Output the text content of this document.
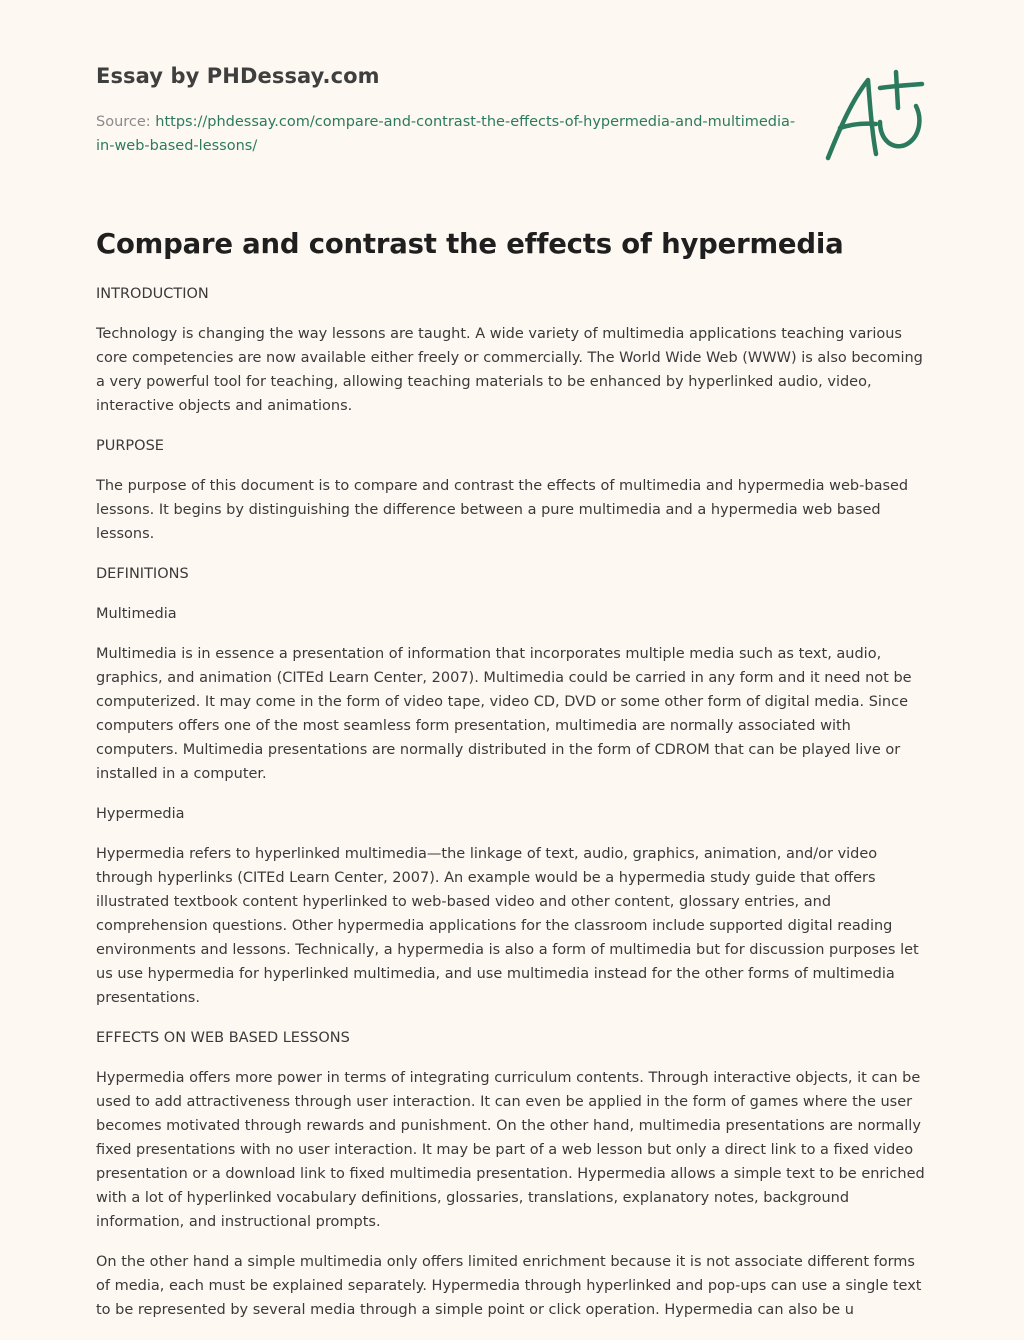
Essay by PHDessay.com
Source: https://phdessay.com/compare-and-contrast-the-effects-of-hypermedia-and-multimedia-in-web-based-lessons/
Compare and contrast the effects of hypermedia

INTRODUCTION

Technology is changing the way lessons are taught. A wide variety of multimedia applications teaching various core competencies are now available either freely or commercially. The World Wide Web (WWW) is also becoming a very powerful tool for teaching, allowing teaching materials to be enhanced by hyperlinked audio, video, interactive objects and animations.

PURPOSE

The purpose of this document is to compare and contrast the effects of multimedia and hypermedia web-based lessons. It begins by distinguishing the difference between a pure multimedia and a hypermedia web based lessons.

DEFINITIONS

Multimedia

Multimedia is in essence a presentation of information that incorporates multiple media such as text, audio, graphics, and animation (CITEd Learn Center, 2007). Multimedia could be carried in any form and it need not be computerized. It may come in the form of video tape, video CD, DVD or some other form of digital media. Since computers offers one of the most seamless form presentation, multimedia are normally associated with computers. Multimedia presentations are normally distributed in the form of CDROM that can be played live or installed in a computer.

Hypermedia

Hypermedia refers to hyperlinked multimedia—the linkage of text, audio, graphics, animation, and/or video through hyperlinks (CITEd Learn Center, 2007). An example would be a hypermedia study guide that offers illustrated textbook content hyperlinked to web-based video and other content, glossary entries, and comprehension questions. Other hypermedia applications for the classroom include supported digital reading environments and lessons. Technically, a hypermedia is also a form of multimedia but for discussion purposes let us use hypermedia for hyperlinked multimedia, and use multimedia instead for the other forms of multimedia presentations.

EFFECTS ON WEB BASED LESSONS

Hypermedia offers more power in terms of integrating curriculum contents. Through interactive objects, it can be used to add attractiveness through user interaction. It can even be applied in the form of games where the user becomes motivated through rewards and punishment. On the other hand, multimedia presentations are normally fixed presentations with no user interaction. It may be part of a web lesson but only a direct link to a fixed video presentation or a download link to fixed multimedia presentation. Hypermedia allows a simple text to be enriched with a lot of hyperlinked vocabulary definitions, glossaries, translations, explanatory notes, background information, and instructional prompts.

On the other hand a simple multimedia only offers limited enrichment because it is not associate different forms of media, each must be explained separately. Hypermedia through hyperlinked and pop-ups can use a single text to be represented by several media through a simple point or click operation. Hypermedia can also be u
